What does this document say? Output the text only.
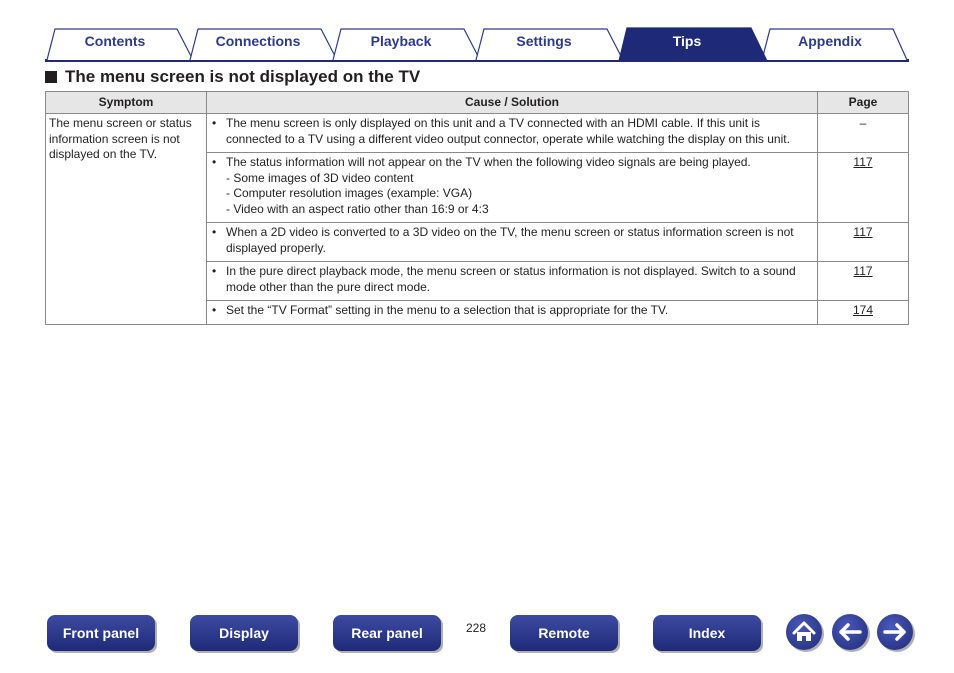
Contents	Connections	Playback	Settings	Tips	Appendix
The menu screen is not displayed on the TV
Symptom	Cause / Solution	Page
The menu screen or status information screen is not displayed on the TV.	• The menu screen is only displayed on this unit and a TV connected with an HDMI cable. If this unit is connected to a TV using a different video output connector, operate while watching the display on this unit.	–

	• The status information will not appear on the TV when the following video signals are being played.
- Some images of 3D video content
- Computer resolution images (example: VGA)
- Video with an aspect ratio other than 16:9 or 4:3	117

	• When a 2D video is converted to a 3D video on the TV, the menu screen or status information screen is not displayed properly.	117

	• In the pure direct playback mode, the menu screen or status information is not displayed. Switch to a sound mode other than the pure direct mode.	117

	• Set the “TV Format” setting in the menu to a selection that is appropriate for the TV.	174
Front panel	Display	Rear panel	228	Remote	Index
